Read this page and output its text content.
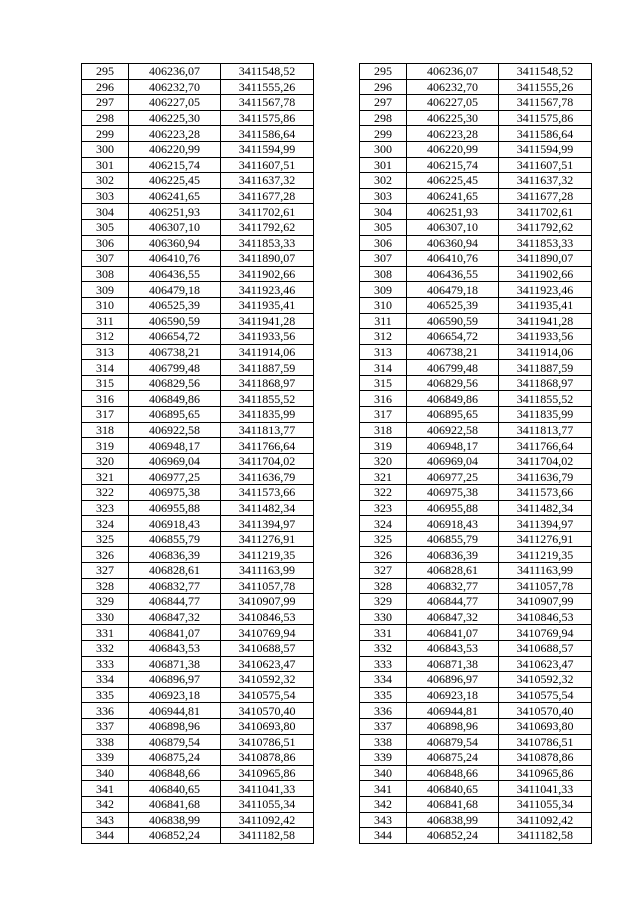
295	406236,07	3411548,52		295	406236,07	3411548,52
296	406232,70	3411555,26		296	406232,70	3411555,26
297	406227,05	3411567,78		297	406227,05	3411567,78
298	406225,30	3411575,86		298	406225,30	3411575,86
299	406223,28	3411586,64		299	406223,28	3411586,64
300	406220,99	3411594,99		300	406220,99	3411594,99
301	406215,74	3411607,51		301	406215,74	3411607,51
302	406225,45	3411637,32		302	406225,45	3411637,32
303	406241,65	3411677,28		303	406241,65	3411677,28
304	406251,93	3411702,61		304	406251,93	3411702,61
305	406307,10	3411792,62		305	406307,10	3411792,62
306	406360,94	3411853,33		306	406360,94	3411853,33
307	406410,76	3411890,07		307	406410,76	3411890,07
308	406436,55	3411902,66		308	406436,55	3411902,66
309	406479,18	3411923,46		309	406479,18	3411923,46
310	406525,39	3411935,41		310	406525,39	3411935,41
311	406590,59	3411941,28		311	406590,59	3411941,28
312	406654,72	3411933,56		312	406654,72	3411933,56
313	406738,21	3411914,06		313	406738,21	3411914,06
314	406799,48	3411887,59		314	406799,48	3411887,59
315	406829,56	3411868,97		315	406829,56	3411868,97
316	406849,86	3411855,52		316	406849,86	3411855,52
317	406895,65	3411835,99		317	406895,65	3411835,99
318	406922,58	3411813,77		318	406922,58	3411813,77
319	406948,17	3411766,64		319	406948,17	3411766,64
320	406969,04	3411704,02		320	406969,04	3411704,02
321	406977,25	3411636,79		321	406977,25	3411636,79
322	406975,38	3411573,66		322	406975,38	3411573,66
323	406955,88	3411482,34		323	406955,88	3411482,34
324	406918,43	3411394,97		324	406918,43	3411394,97
325	406855,79	3411276,91		325	406855,79	3411276,91
326	406836,39	3411219,35		326	406836,39	3411219,35
327	406828,61	3411163,99		327	406828,61	3411163,99
328	406832,77	3411057,78		328	406832,77	3411057,78
329	406844,77	3410907,99		329	406844,77	3410907,99
330	406847,32	3410846,53		330	406847,32	3410846,53
331	406841,07	3410769,94		331	406841,07	3410769,94
332	406843,53	3410688,57		332	406843,53	3410688,57
333	406871,38	3410623,47		333	406871,38	3410623,47
334	406896,97	3410592,32		334	406896,97	3410592,32
335	406923,18	3410575,54		335	406923,18	3410575,54
336	406944,81	3410570,40		336	406944,81	3410570,40
337	406898,96	3410693,80		337	406898,96	3410693,80
338	406879,54	3410786,51		338	406879,54	3410786,51
339	406875,24	3410878,86		339	406875,24	3410878,86
340	406848,66	3410965,86		340	406848,66	3410965,86
341	406840,65	3411041,33		341	406840,65	3411041,33
342	406841,68	3411055,34		342	406841,68	3411055,34
343	406838,99	3411092,42		343	406838,99	3411092,42
344	406852,24	3411182,58		344	406852,24	3411182,58
